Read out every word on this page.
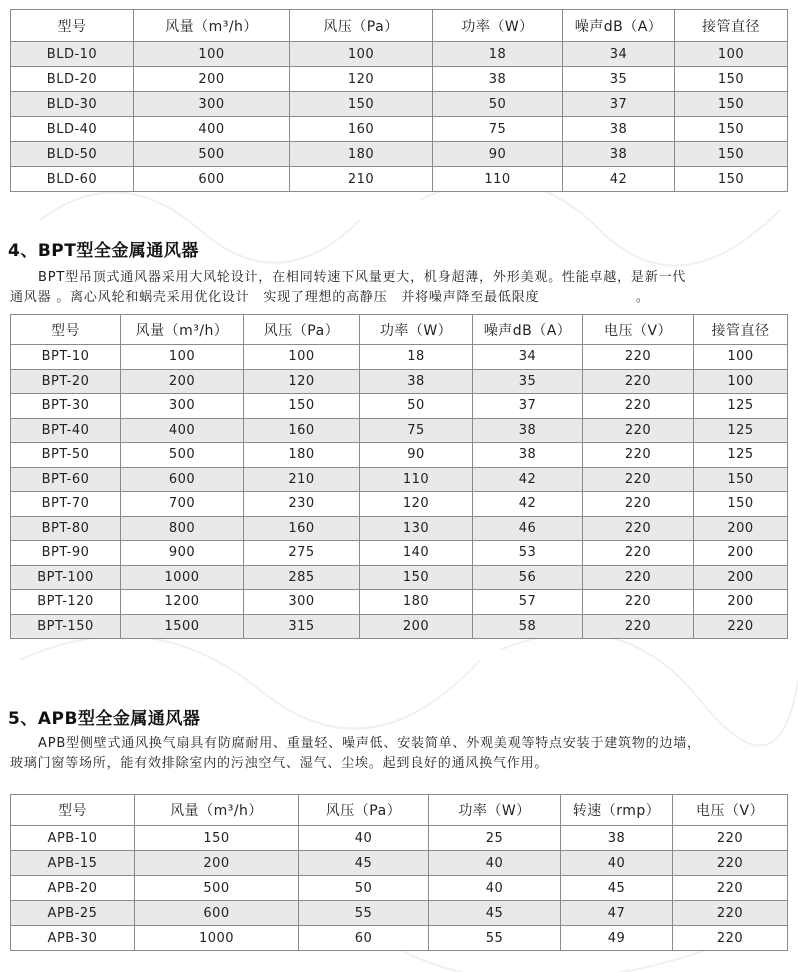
型号	风量（m³/h）	风压（Pa）	功率（W）	噪声dB（A）	接管直径
BLD-10	100	100	18	34	100
BLD-20	200	120	38	35	150
BLD-30	300	150	50	37	150
BLD-40	400	160	75	38	150
BLD-50	500	180	90	38	150
BLD-60	600	210	110	42	150
4、BPT型全金属通风器
BPT型吊顶式通风器采用大风轮设计，在相同转速下风量更大，机身超薄，外形美观。性能卓越，是新一代
通风器 。离心风轮和蜗壳采用优化设计　实现了理想的高静压　并将噪声降至最低限度　　　　　　　。
型号	风量（m³/h）	风压（Pa）	功率（W）	噪声dB（A）	电压（V）	接管直径
BPT-10	100	100	18	34	220	100
BPT-20	200	120	38	35	220	100
BPT-30	300	150	50	37	220	125
BPT-40	400	160	75	38	220	125
BPT-50	500	180	90	38	220	125
BPT-60	600	210	110	42	220	150
BPT-70	700	230	120	42	220	150
BPT-80	800	160	130	46	220	200
BPT-90	900	275	140	53	220	200
BPT-100	1000	285	150	56	220	200
BPT-120	1200	300	180	57	220	200
BPT-150	1500	315	200	58	220	220
5、APB型全金属通风器
APB型侧壁式通风换气扇具有防腐耐用、重量轻、噪声低、安装简单、外观美观等特点安装于建筑物的边墙，
玻璃门窗等场所，能有效排除室内的污浊空气、湿气、尘埃。起到良好的通风换气作用。
型号	风量（m³/h）	风压（Pa）	功率（W）	转速（rmp）	电压（V）
APB-10	150	40	25	38	220
APB-15	200	45	40	40	220
APB-20	500	50	40	45	220
APB-25	600	55	45	47	220
APB-30	1000	60	55	49	220
